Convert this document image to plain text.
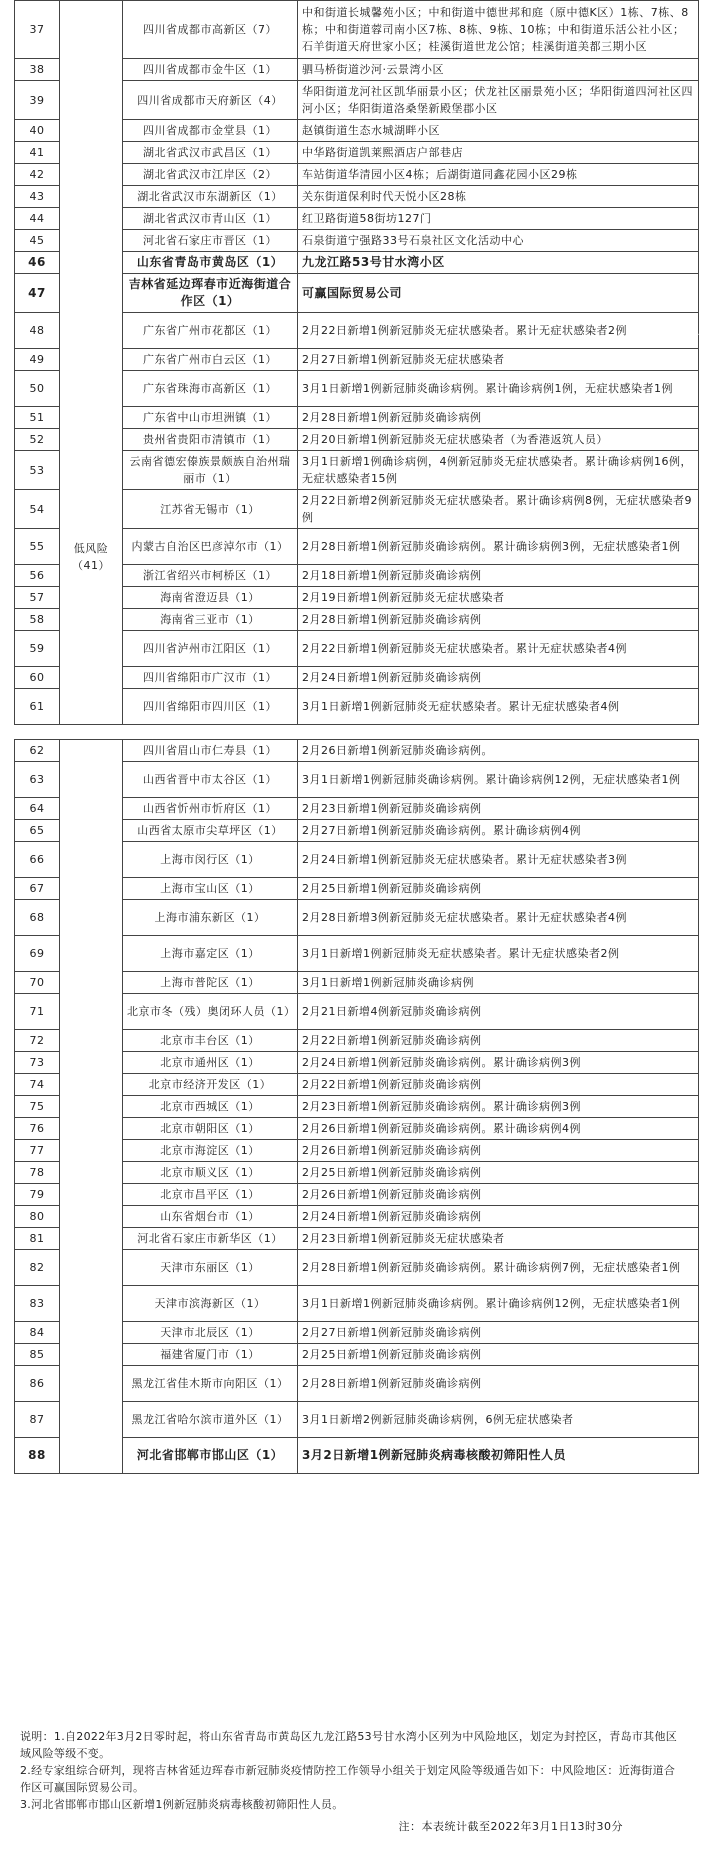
37	低风险（41）	四川省成都市高新区（7）	中和街道长城馨苑小区；中和街道中德世邦和庭（原中德K区）1栋、7栋、8栋；中和街道蓉司南小区7栋、8栋、9栋、10栋；中和街道乐活公社小区；石羊街道天府世家小区；桂溪街道世龙公馆；桂溪街道美都三期小区
38		四川省成都市金牛区（1）	驷马桥街道沙河·云景湾小区
39		四川省成都市天府新区（4）	华阳街道龙河社区凯华丽景小区；伏龙社区丽景苑小区；华阳街道四河社区四河小区；华阳街道洛桑堡新殿堡郡小区
40		四川省成都市金堂县（1）	赵镇街道生态水城湖畔小区
41		湖北省武汉市武昌区（1）	中华路街道凯莱熙酒店户部巷店
42		湖北省武汉市江岸区（2）	车站街道华清园小区4栋；后湖街道同鑫花园小区29栋
43		湖北省武汉市东湖新区（1）	关东街道保利时代天悦小区28栋
44		湖北省武汉市青山区（1）	红卫路街道58街坊127门
45		河北省石家庄市晋区（1）	石泉街道宁强路33号石泉社区文化活动中心
46		山东省青岛市黄岛区（1）	九龙江路53号甘水湾小区
47		吉林省延边珲春市近海街道合作区（1）	可赢国际贸易公司
48		广东省广州市花都区（1）	2月22日新增1例新冠肺炎无症状感染者。累计无症状感染者2例
49		广东省广州市白云区（1）	2月27日新增1例新冠肺炎无症状感染者
50		广东省珠海市高新区（1）	3月1日新增1例新冠肺炎确诊病例。累计确诊病例1例，无症状感染者1例
51		广东省中山市坦洲镇（1）	2月28日新增1例新冠肺炎确诊病例
52		贵州省贵阳市清镇市（1）	2月20日新增1例新冠肺炎无症状感染者（为香港返筑人员）
53		云南省德宏傣族景颇族自治州瑞丽市（1）	3月1日新增1例确诊病例，4例新冠肺炎无症状感染者。累计确诊病例16例，无症状感染者15例
54		江苏省无锡市（1）	2月22日新增2例新冠肺炎无症状感染者。累计确诊病例8例，无症状感染者9例
55		内蒙古自治区巴彦淖尔市（1）	2月28日新增1例新冠肺炎确诊病例。累计确诊病例3例，无症状感染者1例
56		浙江省绍兴市柯桥区（1）	2月18日新增1例新冠肺炎确诊病例
57		海南省澄迈县（1）	2月19日新增1例新冠肺炎无症状感染者
58		海南省三亚市（1）	2月28日新增1例新冠肺炎确诊病例
59		四川省泸州市江阳区（1）	2月22日新增1例新冠肺炎无症状感染者。累计无症状感染者4例
60		四川省绵阳市广汉市（1）	2月24日新增1例新冠肺炎确诊病例
61		四川省绵阳市四川区（1）	3月1日新增1例新冠肺炎无症状感染者。累计无症状感染者4例
62		四川省眉山市仁寿县（1）	2月26日新增1例新冠肺炎确诊病例。
63		山西省晋中市太谷区（1）	3月1日新增1例新冠肺炎确诊病例。累计确诊病例12例，无症状感染者1例
64		山西省忻州市忻府区（1）	2月23日新增1例新冠肺炎确诊病例
65		山西省太原市尖草坪区（1）	2月27日新增1例新冠肺炎确诊病例。累计确诊病例4例
66		上海市闵行区（1）	2月24日新增1例新冠肺炎无症状感染者。累计无症状感染者3例
67		上海市宝山区（1）	2月25日新增1例新冠肺炎确诊病例
68		上海市浦东新区（1）	2月28日新增3例新冠肺炎无症状感染者。累计无症状感染者4例
69		上海市嘉定区（1）	3月1日新增1例新冠肺炎无症状感染者。累计无症状感染者2例
70		上海市普陀区（1）	3月1日新增1例新冠肺炎确诊病例
71		北京市冬（残）奥闭环人员（1）	2月21日新增4例新冠肺炎确诊病例
72		北京市丰台区（1）	2月22日新增1例新冠肺炎确诊病例
73		北京市通州区（1）	2月24日新增1例新冠肺炎确诊病例。累计确诊病例3例
74		北京市经济开发区（1）	2月22日新增1例新冠肺炎确诊病例
75		北京市西城区（1）	2月23日新增1例新冠肺炎确诊病例。累计确诊病例3例
76		北京市朝阳区（1）	2月26日新增1例新冠肺炎确诊病例。累计确诊病例4例
77		北京市海淀区（1）	2月26日新增1例新冠肺炎确诊病例
78		北京市顺义区（1）	2月25日新增1例新冠肺炎确诊病例
79		北京市昌平区（1）	2月26日新增1例新冠肺炎确诊病例
80		山东省烟台市（1）	2月24日新增1例新冠肺炎确诊病例
81		河北省石家庄市新华区（1）	2月23日新增1例新冠肺炎无症状感染者
82		天津市东丽区（1）	2月28日新增1例新冠肺炎确诊病例。累计确诊病例7例，无症状感染者1例
83		天津市滨海新区（1）	3月1日新增1例新冠肺炎确诊病例。累计确诊病例12例，无症状感染者1例
84		天津市北辰区（1）	2月27日新增1例新冠肺炎确诊病例
85		福建省厦门市（1）	2月25日新增1例新冠肺炎确诊病例
86		黑龙江省佳木斯市向阳区（1）	2月28日新增1例新冠肺炎确诊病例
87		黑龙江省哈尔滨市道外区（1）	3月1日新增2例新冠肺炎确诊病例，6例无症状感染者
88		河北省邯郸市邯山区（1）	3月2日新增1例新冠肺炎病毒核酸初筛阳性人员

说明：1.自2022年3月2日零时起，将山东省青岛市黄岛区九龙江路53号甘水湾小区列为中风险地区，划定为封控区，青岛市其他区域风险等级不变。

2.经专家组综合研判，现将吉林省延边珲春市新冠肺炎疫情防控工作领导小组关于划定风险等级通告如下：中风险地区：近海街道合作区可赢国际贸易公司。

3.河北省邯郸市邯山区新增1例新冠肺炎病毒核酸初筛阳性人员。

注：本表统计截至2022年3月1日13时30分
·
